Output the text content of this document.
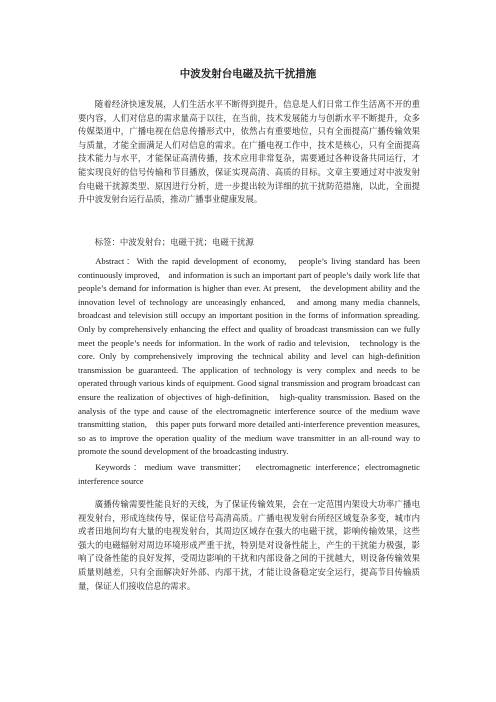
中波发射台电磁及抗干扰措施

随着经济快速发展，人们生活水平不断得到提升，信息是人们日常工作生活离不开的重要内容，人们对信息的需求量高于以往，在当前，技术发展能力与创新水平不断提升，众多传媒渠道中，广播电视在信息传播形式中，依然占有重要地位，只有全面提高广播传输效果与质量，才能全面满足人们对信息的需求。在广播电视工作中，技术是核心，只有全面提高技术能力与水平，才能保证高清传播，技术应用非常复杂，需要通过各种设备共同运行，才能实现良好的信号传输和节目播放，保证实现高清、高质的目标。文章主要通过对中波发射台电磁干扰源类型、原因进行分析，进一步提出较为详细的抗干扰防范措施，以此，全面提升中波发射台运行品质，推动广播事业健康发展。

标签：中波发射台；电磁干扰；电磁干扰源

Abstract：With the rapid development of economy,　people’s living standard has been continuously improved,　and information is such an important part of people’s daily work life that people’s demand for information is higher than ever. At present,　the development ability and the innovation level of technology are unceasingly enhanced,　and among many media channels,　broadcast and television still occupy an important position in the forms of information spreading. Only by comprehensively enhancing the effect and quality of broadcast transmission can we fully meet the people’s needs for information. In the work of radio and television,　technology is the core. Only by comprehensively improving the technical ability and level can high-definition transmission be guaranteed. The application of technology is very complex and needs to be operated through various kinds of equipment. Good signal transmission and program broadcast can ensure the realization of objectives of high-definition,　high-quality transmission. Based on the analysis of the type and cause of the electromagnetic interference source of the medium wave transmitting station,　this paper puts forward more detailed anti-interference prevention measures,　so as to improve the operation quality of the medium wave transmitter in an all-round way to promote the sound development of the broadcasting industry.

Keywords：medium wave transmitter；　electromagnetic interference；electromagnetic interference source

廣播传输需要性能良好的天线，为了保证传输效果，会在一定范围内架设大功率广播电视发射台，形成连续传导，保证信号高清高质。广播电视发射台所经区域复杂多变，城市内或者田地间均有大量的电视发射台，其周边区域存在强大的电磁干扰，影响传输效果，这些强大的电磁辐射对周边环境形成严重干扰，特别是对设备性能上，产生的干扰能力极强，影响了设备性能的良好发挥，受周边影响的干扰和内部设备之间的干扰越大，则设备传输效果质量则越差，只有全面解决好外部、内部干扰，才能让设备稳定安全运行，提高节目传输质量，保证人们接收信息的需求。
